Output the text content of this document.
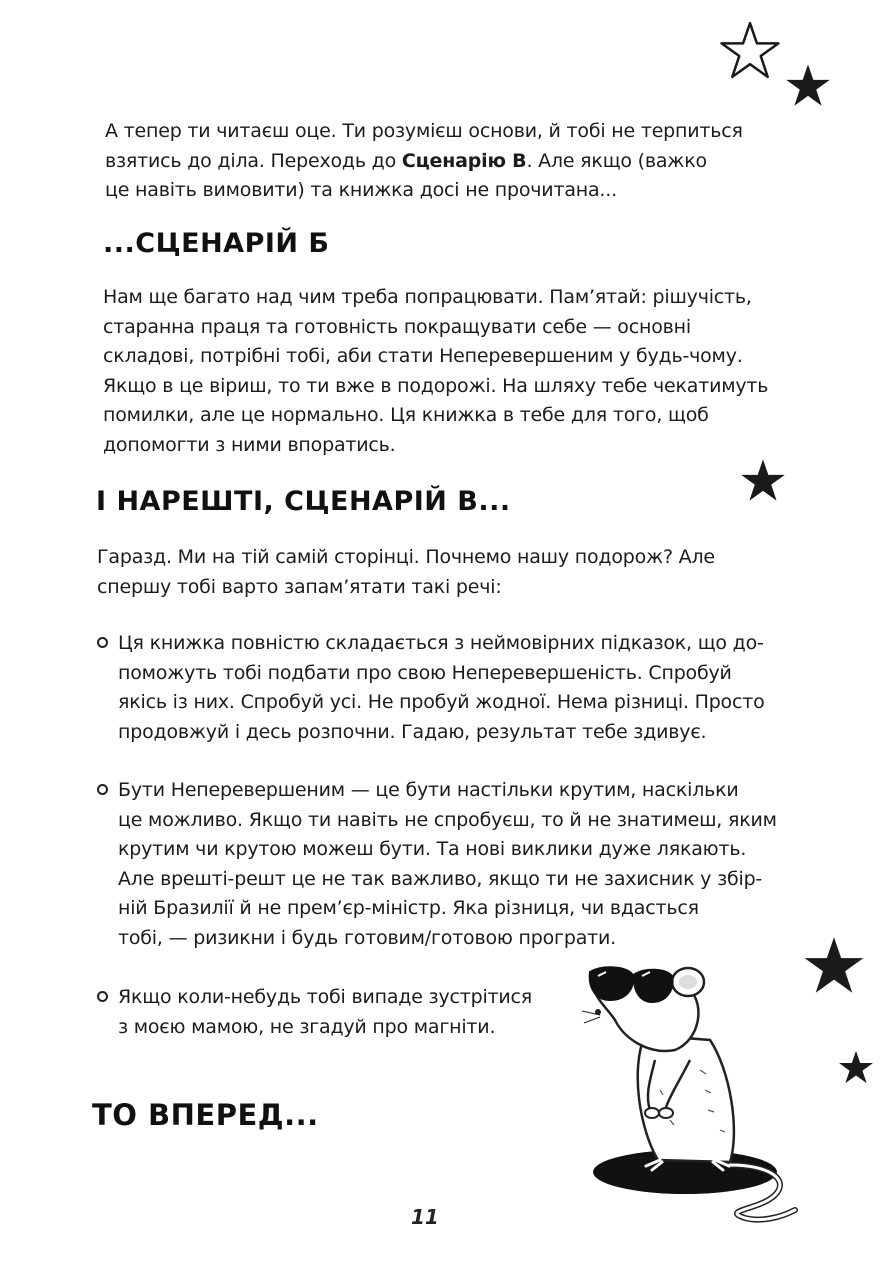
А тепер ти читаєш оце. Ти розумієш основи, й тобі не терпиться
взятись до діла. Переходь до Сценарію В. Але якщо (важко
це навіть вимовити) та книжка досі не прочитана...

...СЦЕНАРІЙ Б

Нам ще багато над чим треба попрацювати. Пам’ятай: рішучість,
старанна праця та готовність покращувати себе — основні
складові, потрібні тобі, аби стати Неперевершеним у будь-чому.
Якщо в це віриш, то ти вже в подорожі. На шляху тебе чекатимуть
помилки, але це нормально. Ця книжка в тебе для того, щоб
допомогти з ними впоратись.

І НАРЕШТІ, СЦЕНАРІЙ В...

Гаразд. Ми на тій самій сторінці. Почнемо нашу подорож? Але
спершу тобі варто запам’ятати такі речі:

Ця книжка повністю складається з неймовірних підказок, що до-
поможуть тобі подбати про свою Неперевершеність. Спробуй
якісь із них. Спробуй усі. Не пробуй жодної. Нема різниці. Просто
продовжуй і десь розпочни. Гадаю, результат тебе здивує.

Бути Неперевершеним — це бути настільки крутим, наскільки
це можливо. Якщо ти навіть не спробуєш, то й не знатимеш, яким
крутим чи крутою можеш бути. Та нові виклики дуже лякають.
Але врешті-решт це не так важливо, якщо ти не захисник у збір-
ній Бразилії й не прем’єр-міністр. Яка різниця, чи вдасться
тобі, — ризикни і будь готовим/готовою програти.

Якщо коли-небудь тобі випаде зустрітися
з моєю мамою, не згадуй про магніти.

ТО ВПЕРЕД...
11
